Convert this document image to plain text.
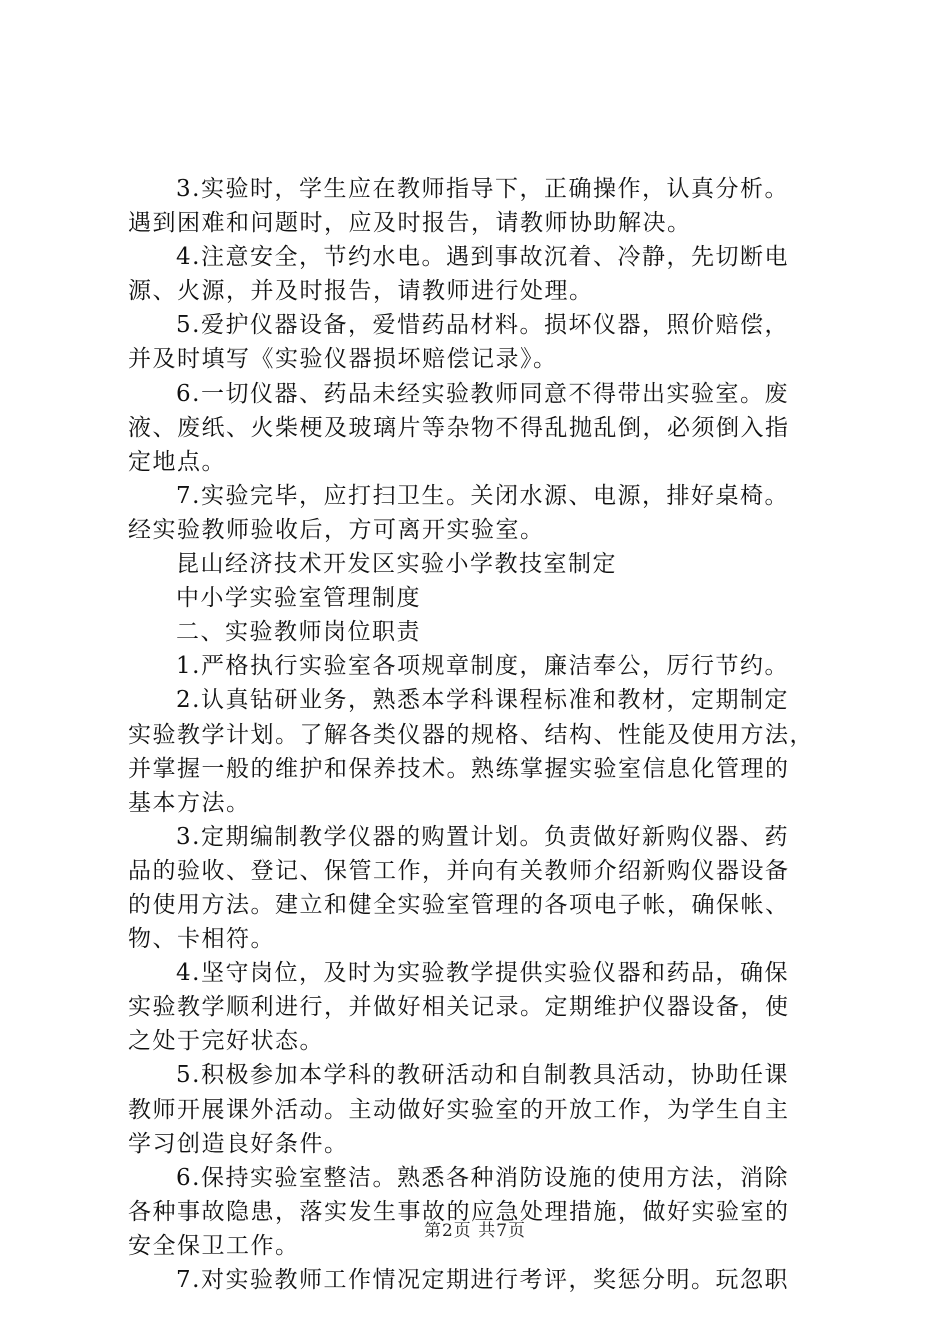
3.实验时，学生应在教师指导下，正确操作，认真分析。
遇到困难和问题时，应及时报告，请教师协助解决。
4.注意安全，节约水电。遇到事故沉着、冷静，先切断电
源、火源，并及时报告，请教师进行处理。
5.爱护仪器设备，爱惜药品材料。损坏仪器，照价赔偿，
并及时填写《实验仪器损坏赔偿记录》。
6.一切仪器、药品未经实验教师同意不得带出实验室。废
液、废纸、火柴梗及玻璃片等杂物不得乱抛乱倒，必须倒入指
定地点。
7.实验完毕，应打扫卫生。关闭水源、电源，排好桌椅。
经实验教师验收后，方可离开实验室。
昆山经济技术开发区实验小学教技室制定
中小学实验室管理制度
二、实验教师岗位职责
1.严格执行实验室各项规章制度，廉洁奉公，厉行节约。
2.认真钻研业务，熟悉本学科课程标准和教材，定期制定
实验教学计划。了解各类仪器的规格、结构、性能及使用方法，
并掌握一般的维护和保养技术。熟练掌握实验室信息化管理的
基本方法。
3.定期编制教学仪器的购置计划。负责做好新购仪器、药
品的验收、登记、保管工作，并向有关教师介绍新购仪器设备
的使用方法。建立和健全实验室管理的各项电子帐，确保帐、
物、卡相符。
4.坚守岗位，及时为实验教学提供实验仪器和药品，确保
实验教学顺利进行，并做好相关记录。定期维护仪器设备，使
之处于完好状态。
5.积极参加本学科的教研活动和自制教具活动，协助任课
教师开展课外活动。主动做好实验室的开放工作，为学生自主
学习创造良好条件。
6.保持实验室整洁。熟悉各种消防设施的使用方法，消除
各种事故隐患，落实发生事故的应急处理措施，做好实验室的
安全保卫工作。
7.对实验教师工作情况定期进行考评，奖惩分明。玩忽职
第2页 共7页
